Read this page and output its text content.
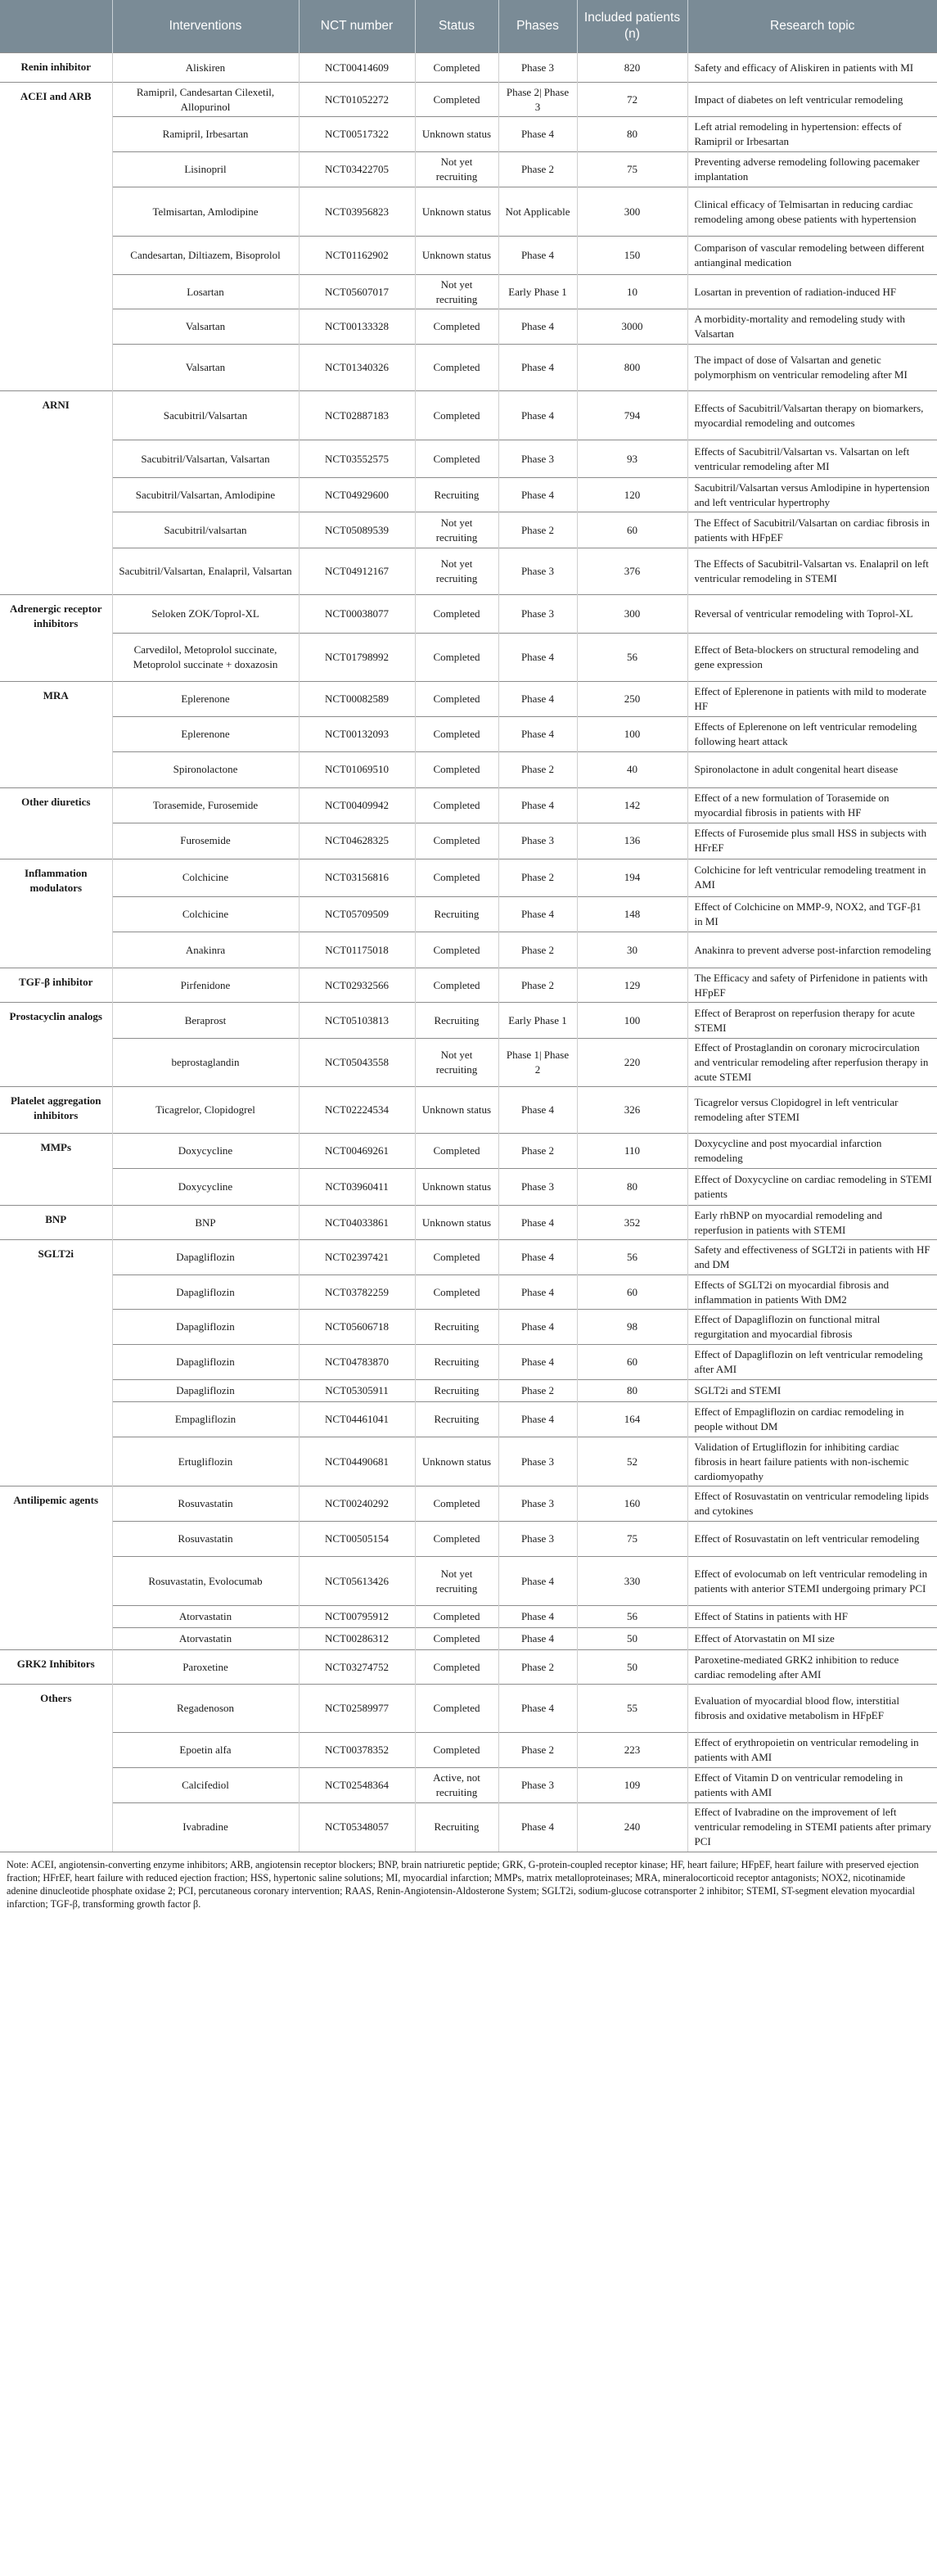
	Interventions	NCT number	Status	Phases	Included patients (n)	Research topic
Renin inhibitor	Aliskiren	NCT00414609	Completed	Phase 3	820	Safety and efficacy of Aliskiren in patients with MI
ACEI and ARB	Ramipril, Candesartan Cilexetil, Allopurinol	NCT01052272	Completed	Phase 2| Phase 3	72	Impact of diabetes on left ventricular remodeling
	Ramipril, Irbesartan	NCT00517322	Unknown status	Phase 4	80	Left atrial remodeling in hypertension: effects of Ramipril or Irbesartan
	Lisinopril	NCT03422705	Not yet recruiting	Phase 2	75	Preventing adverse remodeling following pacemaker implantation
	Telmisartan, Amlodipine	NCT03956823	Unknown status	Not Applicable	300	Clinical efficacy of Telmisartan in reducing cardiac remodeling among obese patients with hypertension
	Candesartan, Diltiazem, Bisoprolol	NCT01162902	Unknown status	Phase 4	150	Comparison of vascular remodeling between different antianginal medication
	Losartan	NCT05607017	Not yet recruiting	Early Phase 1	10	Losartan in prevention of radiation-induced HF
	Valsartan	NCT00133328	Completed	Phase 4	3000	A morbidity-mortality and remodeling study with Valsartan
	Valsartan	NCT01340326	Completed	Phase 4	800	The impact of dose of Valsartan and genetic polymorphism on ventricular remodeling after MI
ARNI	Sacubitril/Valsartan	NCT02887183	Completed	Phase 4	794	Effects of Sacubitril/Valsartan therapy on biomarkers, myocardial remodeling and outcomes
	Sacubitril/Valsartan, Valsartan	NCT03552575	Completed	Phase 3	93	Effects of Sacubitril/Valsartan vs. Valsartan on left ventricular remodeling after MI
	Sacubitril/Valsartan, Amlodipine	NCT04929600	Recruiting	Phase 4	120	Sacubitril/Valsartan versus Amlodipine in hypertension and left ventricular hypertrophy
	Sacubitril/valsartan	NCT05089539	Not yet recruiting	Phase 2	60	The Effect of Sacubitril/Valsartan on cardiac fibrosis in patients with HFpEF
	Sacubitril/Valsartan, Enalapril, Valsartan	NCT04912167	Not yet recruiting	Phase 3	376	The Effects of Sacubitril-Valsartan vs. Enalapril on left ventricular remodeling in STEMI
Adrenergic receptor inhibitors	Seloken ZOK/Toprol-XL	NCT00038077	Completed	Phase 3	300	Reversal of ventricular remodeling with Toprol-XL
	Carvedilol, Metoprolol succinate, Metoprolol succinate + doxazosin	NCT01798992	Completed	Phase 4	56	Effect of Beta-blockers on structural remodeling and gene expression
MRA	Eplerenone	NCT00082589	Completed	Phase 4	250	Effect of Eplerenone in patients with mild to moderate HF
	Eplerenone	NCT00132093	Completed	Phase 4	100	Effects of Eplerenone on left ventricular remodeling following heart attack
	Spironolactone	NCT01069510	Completed	Phase 2	40	Spironolactone in adult congenital heart disease
Other diuretics	Torasemide, Furosemide	NCT00409942	Completed	Phase 4	142	Effect of a new formulation of Torasemide on myocardial fibrosis in patients with HF
	Furosemide	NCT04628325	Completed	Phase 3	136	Effects of Furosemide plus small HSS in subjects with HFrEF
Inflammation modulators	Colchicine	NCT03156816	Completed	Phase 2	194	Colchicine for left ventricular remodeling treatment in AMI
	Colchicine	NCT05709509	Recruiting	Phase 4	148	Effect of Colchicine on MMP-9, NOX2, and TGF-β1 in MI
	Anakinra	NCT01175018	Completed	Phase 2	30	Anakinra to prevent adverse post-infarction remodeling
TGF-β inhibitor	Pirfenidone	NCT02932566	Completed	Phase 2	129	The Efficacy and safety of Pirfenidone in patients with HFpEF
Prostacyclin analogs	Beraprost	NCT05103813	Recruiting	Early Phase 1	100	Effect of Beraprost on reperfusion therapy for acute STEMI
	beprostaglandin	NCT05043558	Not yet recruiting	Phase 1| Phase 2	220	Effect of Prostaglandin on coronary microcirculation and ventricular remodeling after reperfusion therapy in acute STEMI
Platelet aggregation inhibitors	Ticagrelor, Clopidogrel	NCT02224534	Unknown status	Phase 4	326	Ticagrelor versus Clopidogrel in left ventricular remodeling after STEMI
MMPs	Doxycycline	NCT00469261	Completed	Phase 2	110	Doxycycline and post myocardial infarction remodeling
	Doxycycline	NCT03960411	Unknown status	Phase 3	80	Effect of Doxycycline on cardiac remodeling in STEMI patients
BNP	BNP	NCT04033861	Unknown status	Phase 4	352	Early rhBNP on myocardial remodeling and reperfusion in patients with STEMI
SGLT2i	Dapagliflozin	NCT02397421	Completed	Phase 4	56	Safety and effectiveness of SGLT2i in patients with HF and DM
	Dapagliflozin	NCT03782259	Completed	Phase 4	60	Effects of SGLT2i on myocardial fibrosis and inflammation in patients With DM2
	Dapagliflozin	NCT05606718	Recruiting	Phase 4	98	Effect of Dapagliflozin on functional mitral regurgitation and myocardial fibrosis
	Dapagliflozin	NCT04783870	Recruiting	Phase 4	60	Effect of Dapagliflozin on left ventricular remodeling after AMI
	Dapagliflozin	NCT05305911	Recruiting	Phase 2	80	SGLT2i and STEMI
	Empagliflozin	NCT04461041	Recruiting	Phase 4	164	Effect of Empagliflozin on cardiac remodeling in people without DM
	Ertugliflozin	NCT04490681	Unknown status	Phase 3	52	Validation of Ertugliflozin for inhibiting cardiac fibrosis in heart failure patients with non-ischemic cardiomyopathy
Antilipemic agents	Rosuvastatin	NCT00240292	Completed	Phase 3	160	Effect of Rosuvastatin on ventricular remodeling lipids and cytokines
	Rosuvastatin	NCT00505154	Completed	Phase 3	75	Effect of Rosuvastatin on left ventricular remodeling
	Rosuvastatin, Evolocumab	NCT05613426	Not yet recruiting	Phase 4	330	Effect of evolocumab on left ventricular remodeling in patients with anterior STEMI undergoing primary PCI
	Atorvastatin	NCT00795912	Completed	Phase 4	56	Effect of Statins in patients with HF
	Atorvastatin	NCT00286312	Completed	Phase 4	50	Effect of Atorvastatin on MI size
GRK2 Inhibitors	Paroxetine	NCT03274752	Completed	Phase 2	50	Paroxetine-mediated GRK2 inhibition to reduce cardiac remodeling after AMI
Others	Regadenoson	NCT02589977	Completed	Phase 4	55	Evaluation of myocardial blood flow, interstitial fibrosis and oxidative metabolism in HFpEF
	Epoetin alfa	NCT00378352	Completed	Phase 2	223	Effect of erythropoietin on ventricular remodeling in patients with AMI
	Calcifediol	NCT02548364	Active, not recruiting	Phase 3	109	Effect of Vitamin D on ventricular remodeling in patients with AMI
	Ivabradine	NCT05348057	Recruiting	Phase 4	240	Effect of Ivabradine on the improvement of left ventricular remodeling in STEMI patients after primary PCI
Note: ACEI, angiotensin-converting enzyme inhibitors; ARB, angiotensin receptor blockers; BNP, brain natriuretic peptide; GRK, G-protein-coupled receptor kinase; HF, heart failure; HFpEF, heart failure with preserved ejection fraction; HFrEF, heart failure with reduced ejection fraction; HSS, hypertonic saline solutions; MI, myocardial infarction; MMPs, matrix metalloproteinases; MRA, mineralocorticoid receptor antagonists; NOX2, nicotinamide adenine dinucleotide phosphate oxidase 2; PCI, percutaneous coronary intervention; RAAS, Renin-Angiotensin-Aldosterone System; SGLT2i, sodium-glucose cotransporter 2 inhibitor; STEMI, ST-segment elevation myocardial infarction; TGF-β, transforming growth factor β.
